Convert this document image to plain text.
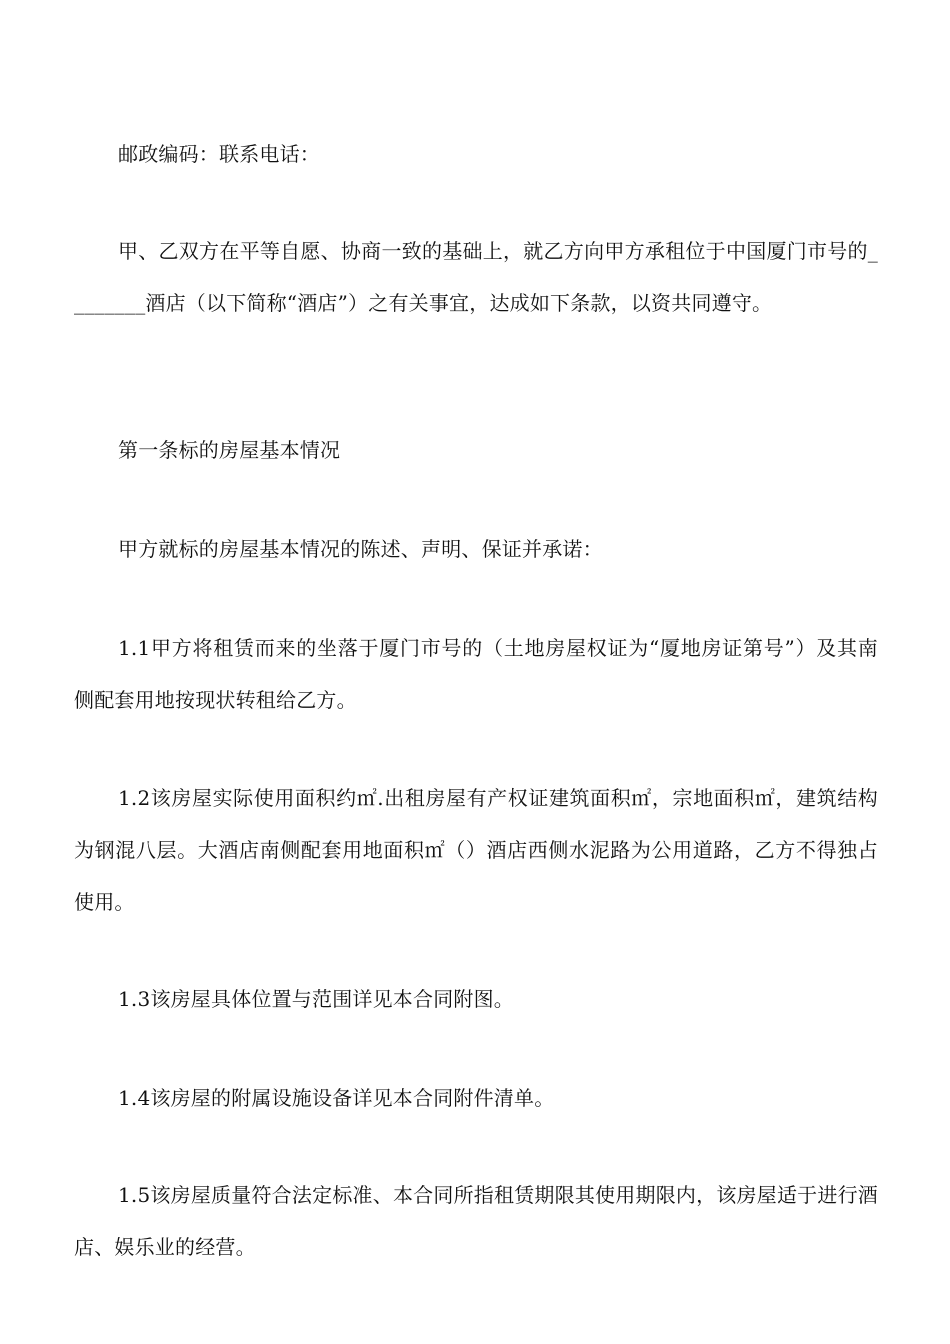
邮政编码：联系电话：

甲、乙双方在平等自愿、协商一致的基础上，就乙方向甲方承租位于中国厦门市号的________酒店（以下简称“酒店”）之有关事宜，达成如下条款，以资共同遵守。

第一条标的房屋基本情况

甲方就标的房屋基本情况的陈述、声明、保证并承诺：

1.1甲方将租赁而来的坐落于厦门市号的（土地房屋权证为“厦地房证第号”）及其南侧配套用地按现状转租给乙方。

1.2该房屋实际使用面积约㎡.出租房屋有产权证建筑面积㎡，宗地面积㎡，建筑结构为钢混八层。大酒店南侧配套用地面积㎡（）酒店西侧水泥路为公用道路，乙方不得独占使用。

1.3该房屋具体位置与范围详见本合同附图。

1.4该房屋的附属设施设备详见本合同附件清单。

1.5该房屋质量符合法定标准、本合同所指租赁期限其使用期限内，该房屋适于进行酒店、娱乐业的经营。
